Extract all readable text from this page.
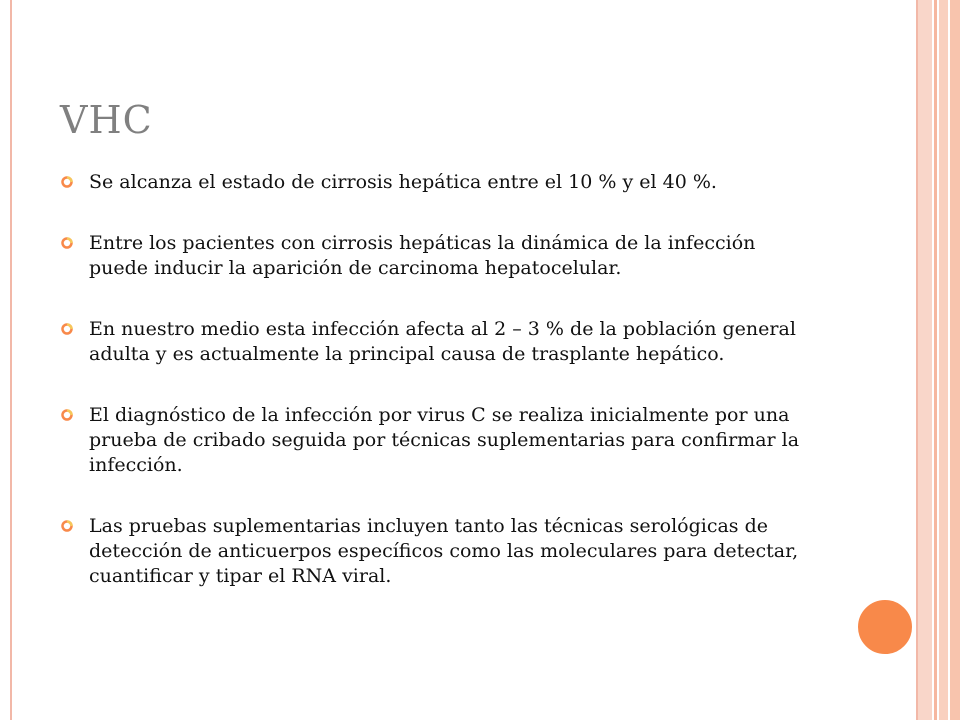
VHC
Se alcanza el estado de cirrosis hepática entre el 10 % y el 40 %.
Entre los pacientes con cirrosis hepáticas la dinámica de la infección puede inducir la aparición de carcinoma hepatocelular.
En nuestro medio esta infección afecta al 2 – 3 % de la población general adulta y es actualmente la principal causa de trasplante hepático.
El diagnóstico de la infección por virus C se realiza inicialmente por una prueba de cribado seguida por técnicas suplementarias para confirmar la infección.
Las pruebas suplementarias incluyen tanto las técnicas serológicas de detección de anticuerpos específicos como las moleculares para detectar, cuantificar y tipar el RNA viral.
